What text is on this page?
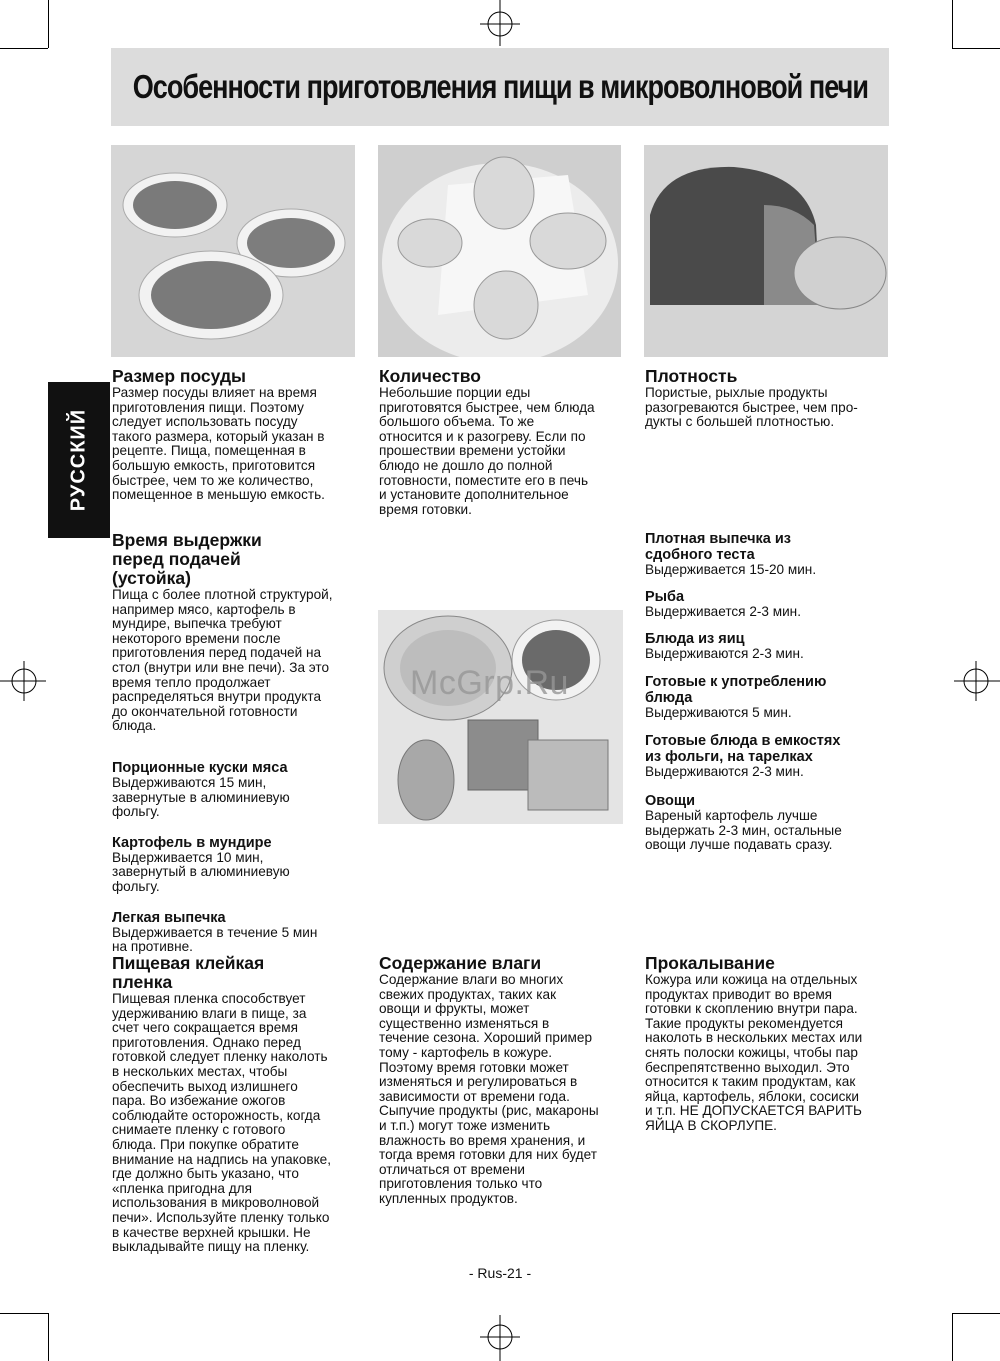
Особенности приготовления пищи в микроволновой печи
РУССКИЙ
McGrp.Ru

Размер посуды

Размер посуды влияет на время
приготовления пищи. Поэтому
следует использовать посуду
такого размера, который указан в
рецепте. Пища, помещенная в
большую емкость, приготовится
быстрее, чем то же количество,
помещенное в меньшую емкость.

Количество

Небольшие порции еды
приготовятся быстрее, чем блюда
большого объема. То же
относится и к разогреву. Если по
прошествии времени устойки
блюдо не дошло до полной
готовности, поместите его в печь
и установите дополнительное
время готовки.

Плотность

Пористые, рыхлые продукты
разогреваются быстрее, чем про-
дукты с большей плотностью.
Время выдержки
перед подачей
(устойка)
Пища с более плотной структурой,
например мясо, картофель в
мундире, выпечка требуют
некоторого времени после
приготовления перед подачей на
стол (внутри или вне печи). За это
время тепло продолжает
распределяться внутри продукта
до окончательной готовности
блюда.
Порционные куски мяса
Выдерживаются 15 мин,
завернутые в алюминиевую
фольгу.
Картофель в мундире
Выдерживается 10 мин,
завернутый в алюминиевую
фольгу.
Легкая выпечка
Выдерживается в течение 5 мин
на противне.
Плотная выпечка из
сдобного теста
Выдерживается 15-20 мин.
Рыба
Выдерживается 2-3 мин.
Блюда из яиц
Выдерживаются 2-3 мин.
Готовые к употреблению
блюда
Выдерживаются 5 мин.
Готовые блюда в емкостях
из фольги, на тарелках
Выдерживаются 2-3 мин.
Овощи
Вареный картофель лучше
выдержать 2-3 мин, остальные
овощи лучше подавать сразу.
Пищевая клейкая
пленка
Пищевая пленка способствует
удерживанию влаги в пище, за
счет чего сокращается время
приготовления. Однако перед
готовкой следует пленку наколоть
в нескольких местах, чтобы
обеспечить выход излишнего
пара. Во избежание ожогов
соблюдайте осторожность, когда
снимаете пленку с готового
блюда. При покупке обратите
внимание на надпись на упаковке,
где должно быть указано, что
«пленка пригодна для
использования в микроволновой
печи». Используйте пленку только
в качестве верхней крышки. Не
выкладывайте пищу на пленку.

Содержание влаги

Содержание влаги во многих
свежих продуктах, таких как
овощи и фрукты, может
существенно изменяться в
течение сезона. Хороший пример
тому - картофель в кожуре.
Поэтому время готовки может
изменяться и регулироваться в
зависимости от времени года.
Сыпучие продукты (рис, макароны
и т.п.) могут тоже изменить
влажность во время хранения, и
тогда время готовки для них будет
отличаться от времени
приготовления только что
купленных продуктов.

Прокалывание

Кожура или кожица на отдельных
продуктах приводит во время
готовки к скоплению внутри пара.
Такие продукты рекомендуется
наколоть в нескольких местах или
снять полоски кожицы, чтобы пар
беспрепятственно выходил. Это
относится к таким продуктам, как
яйца, картофель, яблоки, сосиски
и т.п. НЕ ДОПУСКАЕТСЯ ВАРИТЬ
ЯЙЦА В СКОРЛУПЕ.
- Rus-21 -
